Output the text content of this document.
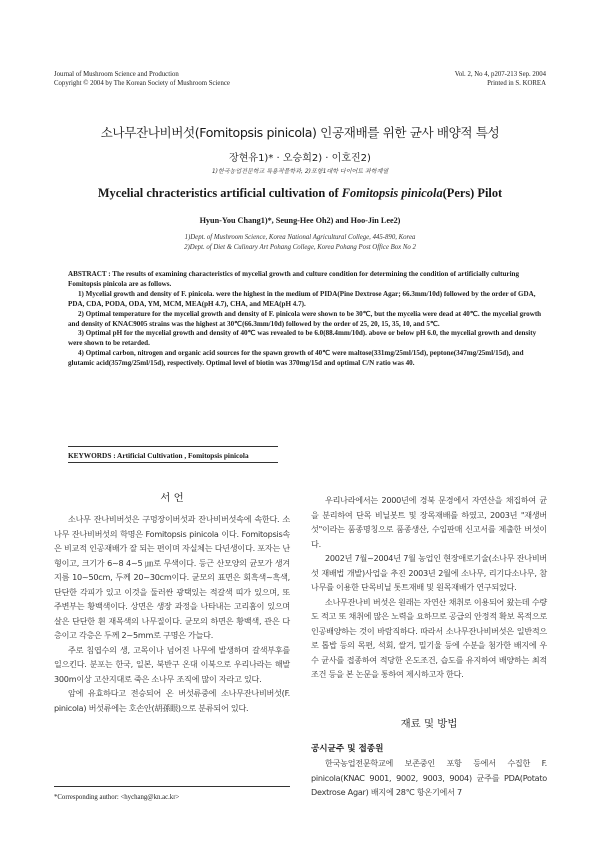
Journal of Mushroom Science and Production
Copyright © 2004 by The Korean Society of Mushroom Science
Vol. 2, No 4, p207-213 Sep. 2004
Printed in S. KOREA
소나무잔나비버섯(Fomitopsis pinicola) 인공재배를 위한 균사 배양적 특성
장현유1)* · 오승희2) · 이호진2)
1)한국농업전문학교 특용작물학과, 2)포항1대학 다이어트 과학계열
Mycelial chracteristics artificial cultivation of Fomitopsis pinicola(Pers) Pilot
Hyun-You Chang1)*, Seung-Hee Oh2) and Hoo-Jin Lee2)
1)Dept. of Mushroom Science, Korea National Agricultural College, 445-890, Korea
2)Dept. of Diet & Culinary Art Pohang College, Korea Pohang Post Office Box No 2

ABSTRACT : The results of examining characteristics of mycelial growth and culture condition for determining the condition of artificially culturing Fomitopsis pinicola are as follows.

1) Mycelial growth and density of F. pinicola. were the highest in the medium of PIDA(Pine Dextrose Agar; 66.3mm/10d) followed by the order of GDA, PDA, CDA, PODA, ODA, YM, MCM, MEA(pH 4.7), CHA, and MEA(pH 4.7).

2) Optimal temperature for the mycelial growth and density of F. pinicola were shown to be 30℃, but the mycelia were dead at 40℃. the mycelial growth and density of KNAC9005 strains was the highest at 30℃(66.3mm/10d) followed by the order of 25, 20, 15, 35, 10, and 5℃.

3) Optimal pH for the mycelial growth and density of 40℃ was revealed to be 6.0(88.4mm/10d). above or below pH 6.0, the mycelial growth and density were shown to be retarded.

4) Optimal carbon, nitrogen and organic acid sources for the spawn growth of 40℃ were maltose(331mg/25ml/15d), peptone(347mg/25ml/15d), and glutamic acid(357mg/25ml/15d), respectively. Optimal level of biotin was 370mg/15d and optimal C/N ratio was 40.

KEYWORDS : Artificial Cultivation , Fomitopsis pinicola
서 언

소나무 잔나비버섯은 구멍장이버섯과 잔나비버섯속에 속한다. 소나무 잔나비버섯의 학명은 Fomitopsis pinicola 이다. Fomitopsis속은 비교적 인공재배가 잘 되는 편이며 자실체는 다년생이다. 포자는 난형이고, 크기가 6~8 4~5 ㎛로 무색이다. 등근 산모양의 균모가 생겨 지름 10~50cm, 두께 20~30cm이다. 균모의 표면은 회흑색~흑색, 단단한 각피가 있고 이것을 둘러싼 광택있는 적갈색 띠가 있으며, 또 주변부는 황백색이다. 상면은 생장 과정을 나타내는 고리홈이 있으며 살은 단단한 흰 재목색의 나무질이다. 균모의 하면은 황백색, 관은 다층이고 각층은 두께 2~5mm로 구명은 가늘다.

주로 침엽수의 생, 고목이나 넘어진 나무에 발생하며 갈색부후를 일으킨다. 분포는 한국, 일본, 북반구 온대 이북으로 우리나라는 해발 300m이상 고산지대로 죽은 소나무 조직에 많이 자라고 있다.

암에 유효하다고 전승되어 온 버섯류중에 소나무잔나비버섯(F. pinicola) 버섯류에는 호손안(胡孫眼)으로 분류되어 있다.

*Corresponding author: <hychang@kn.ac.kr>

우리나라에서는 2000년에 경북 문경에서 자연산을 채집하여 균을 분리하여 단목 비닐봇트 및 장목재배를 하였고, 2003년 "재생버섯"이라는 품종명칭으로 품종생산, 수입판매 신고서를 제출한 버섯이다.

2002년 7월~2004년 7월 농업인 현장애로기술(소나무 잔나비버섯 재배법 개발)사업을 추진 2003년 2월에 소나무, 리기다소나무, 참나무를 이용한 단목비닐 톳트재배 및 원목재배가 연구되었다.

소나무잔나비 버섯은 원래는 자연산 채취로 이용되어 왔는데 수량도 적고 또 채취에 많은 노력을 요하므로 공급의 안정적 확보 목적으로 인공배양하는 것이 바람직하다. 따라서 소나무잔나비버섯은 일반적으로 톱밥 등의 목편, 석회, 쌀겨, 밀기울 등에 수분을 첨가한 배지에 우수 균사를 접종하여 적당한 온도조건, 습도를 유지하여 배양하는 최적조건 등을 본 논문을 통하여 제시하고자 한다.

재료 및 방법
공시균주 및 접종원

한국농업전문학교에 보존중인 포항 등에서 수집한 F. pinicola(KNAC 9001, 9002, 9003, 9004) 균주를 PDA(Potato Dextrose Agar) 배지에 28℃ 항온기에서 7
